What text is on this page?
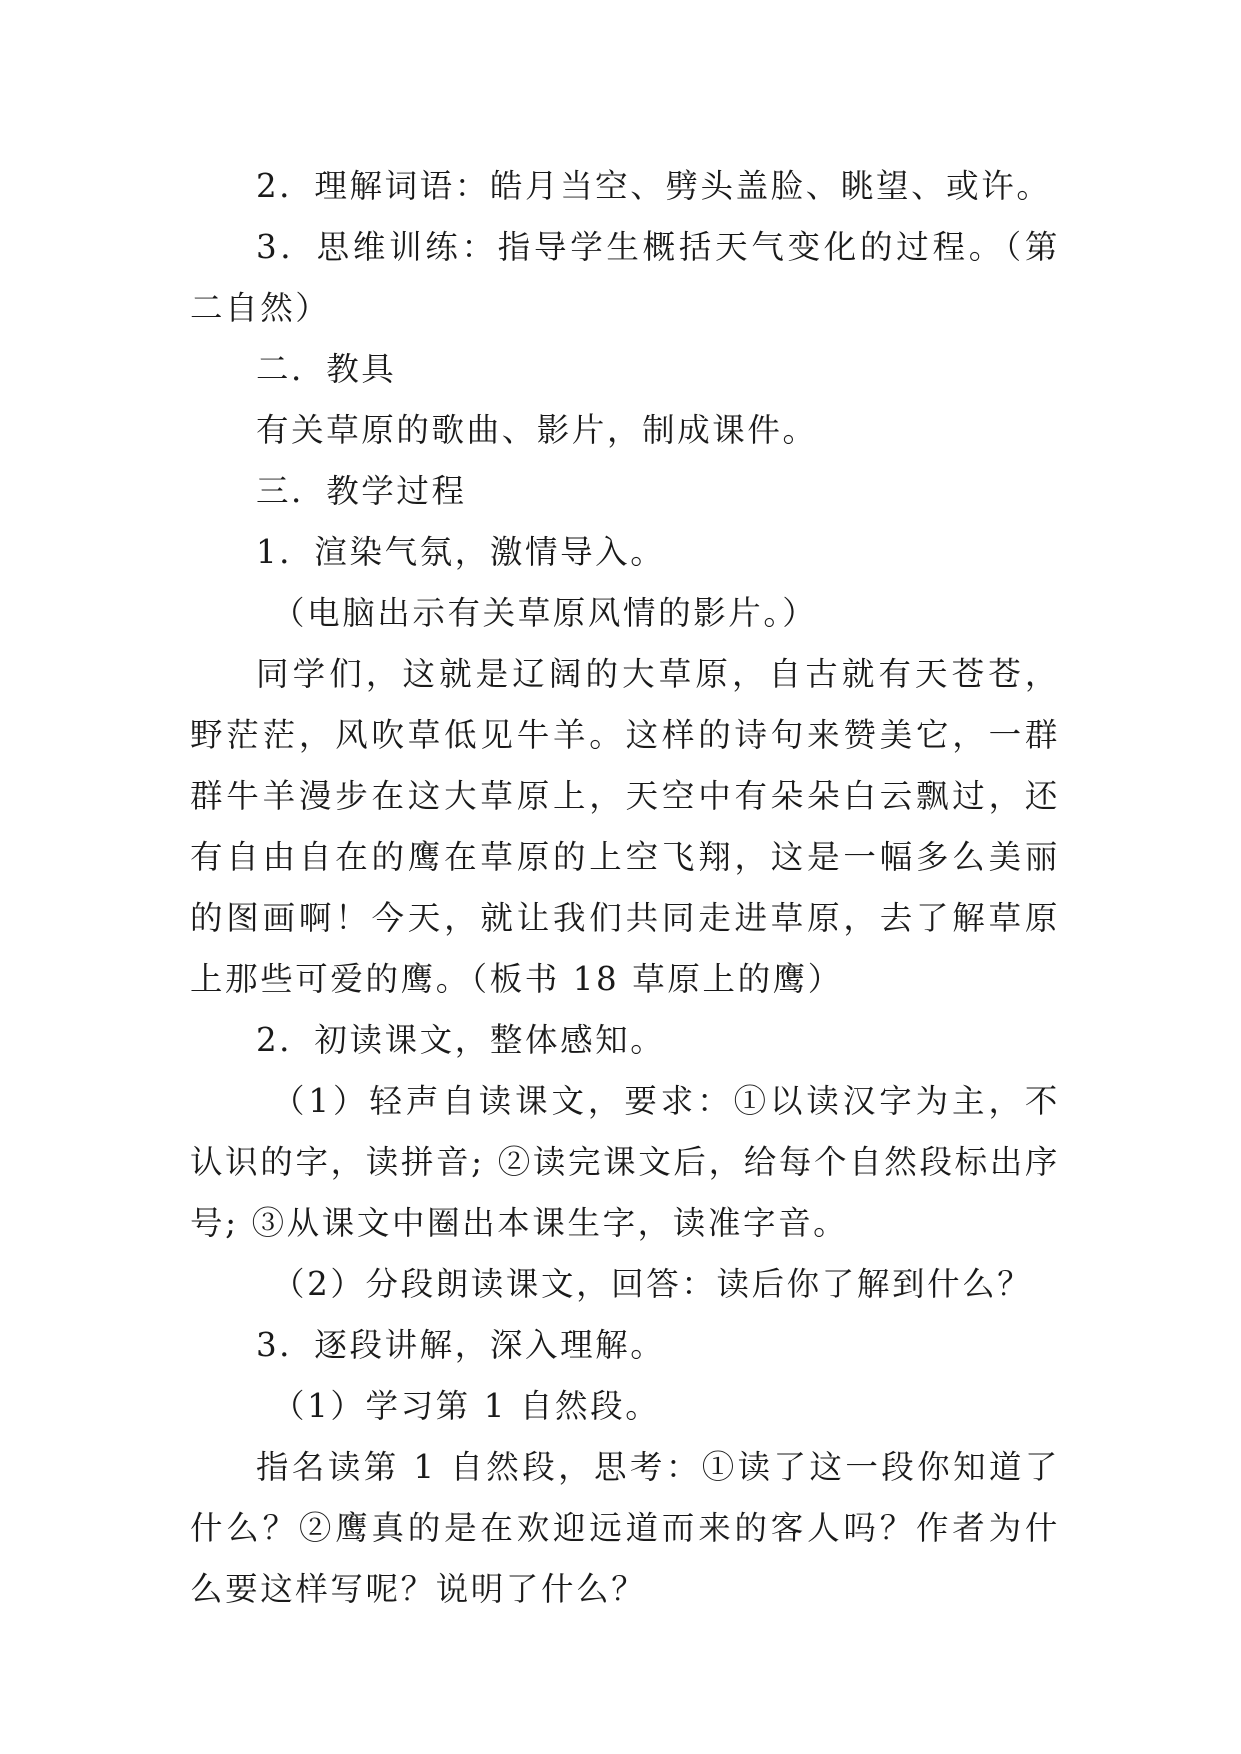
2．理解词语：皓月当空、劈头盖脸、眺望、或许。

3．思维训练：指导学生概括天气变化的过程。（第二自然）

二．教具

有关草原的歌曲、影片，制成课件。

三．教学过程

1．渲染气氛，激情导入。

（电脑出示有关草原风情的影片。）

同学们，这就是辽阔的大草原，自古就有天苍苍，野茫茫，风吹草低见牛羊。这样的诗句来赞美它，一群群牛羊漫步在这大草原上，天空中有朵朵白云飘过，还有自由自在的鹰在草原的上空飞翔，这是一幅多么美丽的图画啊！今天，就让我们共同走进草原，去了解草原上那些可爱的鹰。（板书 18 草原上的鹰）

2．初读课文，整体感知。

（1）轻声自读课文，要求：①以读汉字为主，不认识的字，读拼音; ②读完课文后，给每个自然段标出序号; ③从课文中圈出本课生字，读准字音。

（2）分段朗读课文，回答：读后你了解到什么？

3．逐段讲解，深入理解。

（1）学习第 1 自然段。

指名读第 1 自然段，思考：①读了这一段你知道了什么？②鹰真的是在欢迎远道而来的客人吗？作者为什么要这样写呢？说明了什么？
